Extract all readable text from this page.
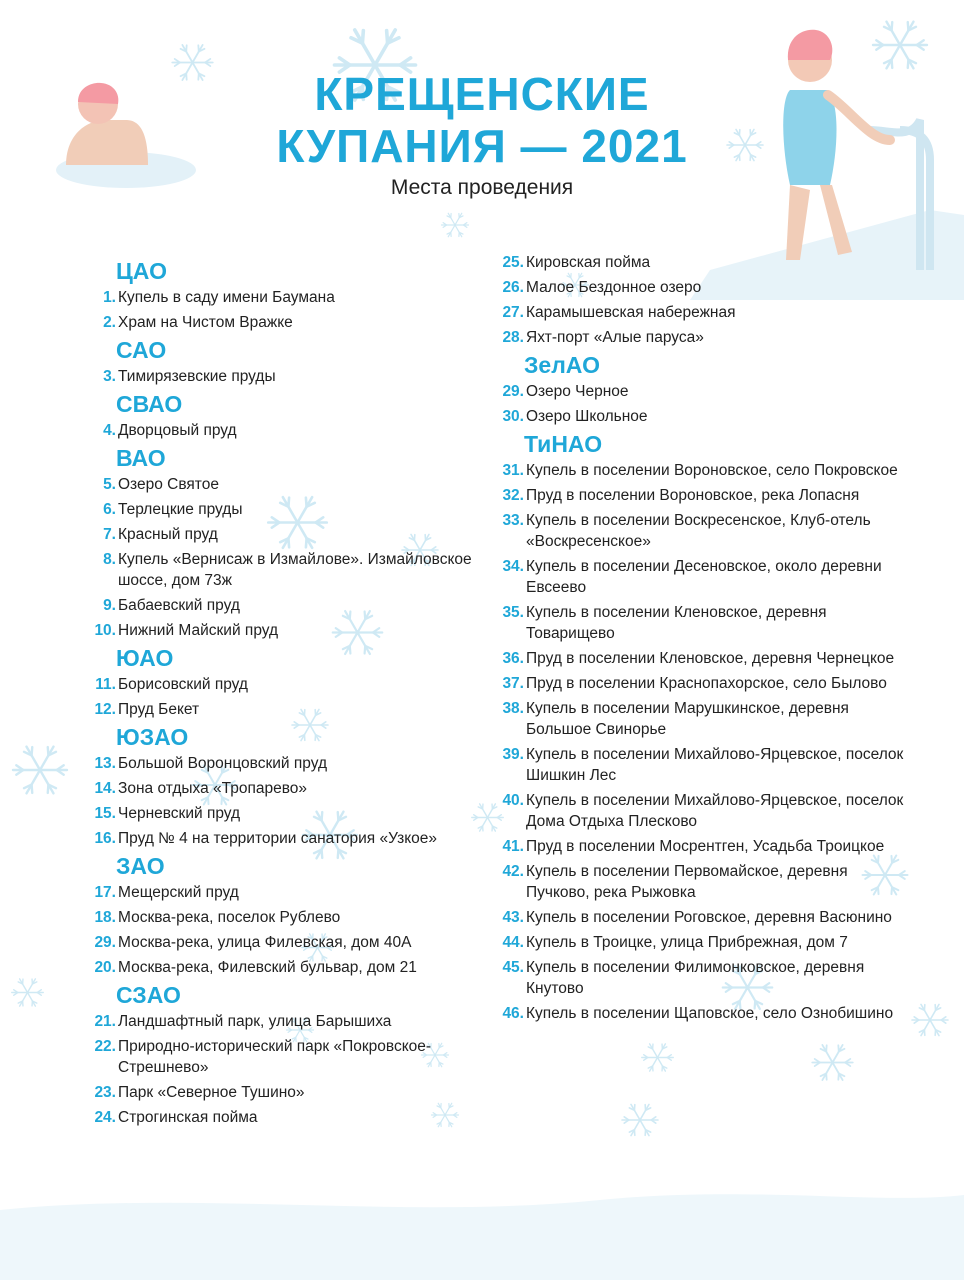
КРЕЩЕНСКИЕ
КУПАНИЯ — 2021
Места проведения
ЦАО
1. Купель в саду имени Баумана
2. Храм на Чистом Вражке
САО
3. Тимирязевские пруды
СВАО
4. Дворцовый пруд
ВАО
5. Озеро Святое
6. Терлецкие пруды
7. Красный пруд
8. Купель «Вернисаж в Измайлове». Измайловское шоссе, дом 73ж
9. Бабаевский пруд
10. Нижний Майский пруд
ЮАО
11. Борисовский пруд
12. Пруд Бекет
ЮЗАО
13. Большой Воронцовский пруд
14. Зона отдыха «Тропарево»
15. Черневский пруд
16. Пруд № 4 на территории санатория «Узкое»
ЗАО
17. Мещерский пруд
18. Москва-река, поселок Рублево
29. Москва-река, улица Филевская, дом 40А
20. Москва-река, Филевский бульвар, дом 21
СЗАО
21. Ландшафтный парк, улица Барышиха
22. Природно-исторический парк «Покровское-Стрешнево»
23. Парк «Северное Тушино»
24. Строгинская пойма
25. Кировская пойма
26. Малое Бездонное озеро
27. Карамышевская набережная
28. Яхт-порт «Алые паруса»
ЗелАО
29. Озеро Черное
30. Озеро Школьное
ТиНАО
31. Купель в поселении Вороновское, село Покровское
32. Пруд в поселении Вороновское, река Лопасня
33. Купель в поселении Воскресенское, Клуб-отель «Воскресенское»
34. Купель в поселении Десеновское, около деревни Евсеево
35. Купель в поселении Кленовское, деревня Товарищево
36. Пруд в поселении Кленовское, деревня Чернецкое
37. Пруд в поселении Краснопахорское, село Былово
38. Купель в поселении Марушкинское, деревня Большое Свинорье
39. Купель в поселении Михайлово-Ярцевское, поселок Шишкин Лес
40. Купель в поселении Михайлово-Ярцевское, поселок Дома Отдыха Плесково
41. Пруд в поселении Мосрентген, Усадьба Троицкое
42. Купель в поселении Первомайское, деревня Пучково, река Рыжовка
43. Купель в поселении Роговское, деревня Васюнино
44. Купель в Троицке, улица Прибрежная, дом 7
45. Купель в поселении Филимонковское, деревня Кнутово
46. Купель в поселении Щаповское, село Ознобишино
